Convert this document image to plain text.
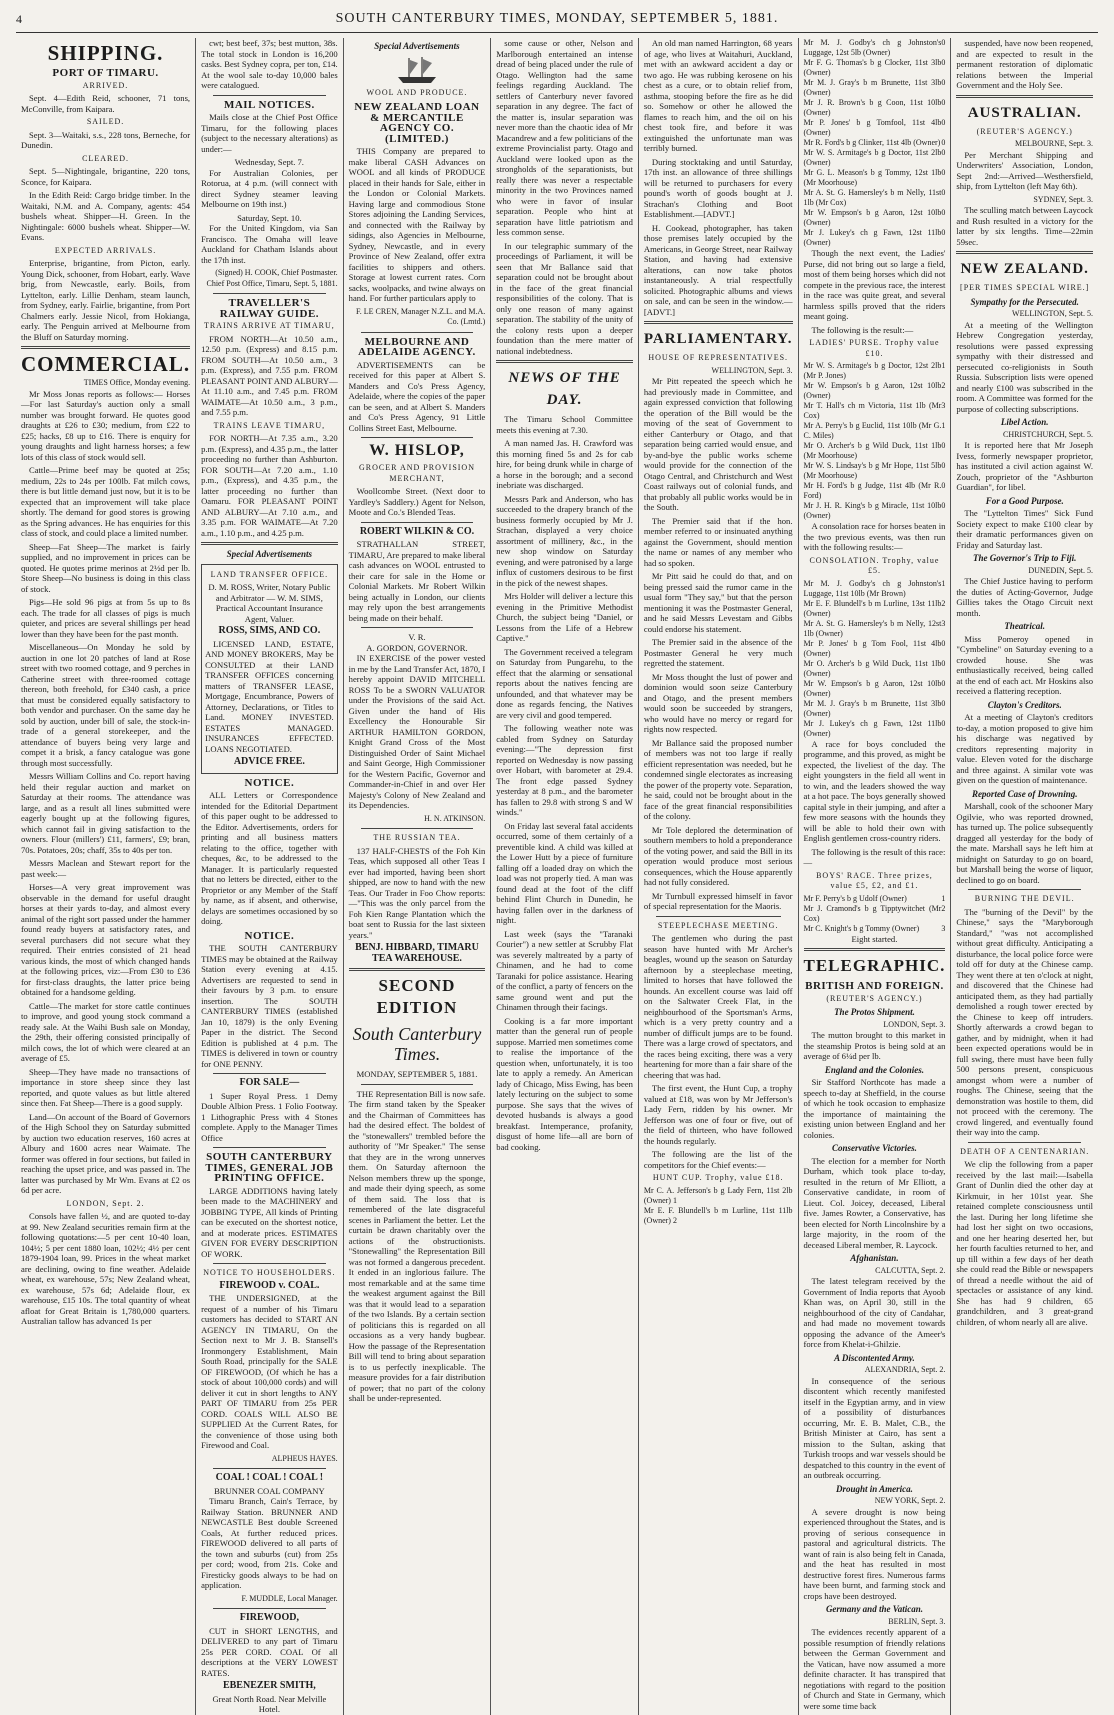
4	SOUTH CANTERBURY TIMES, MONDAY, SEPTEMBER 5, 1881.
SHIPPING.
PORT OF TIMARU.
ARRIVED.

Sept. 4—Edith Reid, schooner, 71 tons, McConville, from Kaipara.

SAILED.

Sept. 3—Waitaki, s.s., 228 tons, Berneche, for Dunedin.

CLEARED.

Sept. 5—Nightingale, brigantine, 220 tons, Sconce, for Kaipara.

In the Edith Reid: Cargo bridge timber. In the Waitaki, N.M. and A. Company, agents: 454 bushels wheat. Shipper—H. Green. In the Nightingale: 6000 bushels wheat. Shipper—W. Evans.

EXPECTED ARRIVALS.

Enterprise, brigantine, from Picton, early. Young Dick, schooner, from Hobart, early. Wave brig, from Newcastle, early. Boils, from Lyttelton, early. Lillie Denham, steam launch, from Sydney, early. Fairlie, brigantine, from Port Chalmers early. Jessie Nicol, from Hokianga, early. The Penguin arrived at Melbourne from the Bluff on Saturday morning.

COMMERCIAL.
TIMES Office, Monday evening.

Mr Moss Jonas reports as follows:— Horses—For last Saturday's auction only a small number was brought forward. He quotes good draughts at £26 to £30; medium, from £22 to £25; hacks, £8 up to £16. There is enquiry for young draughts and light harness horses; a few lots of this class of stock would sell.

Cattle—Prime beef may be quoted at 25s; medium, 22s to 24s per 100lb. Fat milch cows, there is but little demand just now, but it is to be expected that an improvement will take place shortly. The demand for good stores is growing as the Spring advances. He has enquiries for this class of stock, and could place a limited number.

Sheep—Fat Sheep—The market is fairly supplied, and no improvement in prices can be quoted. He quotes prime merinos at 2½d per lb. Store Sheep—No business is doing in this class of stock.

Pigs—He sold 96 pigs at from 5s up to 8s each. The trade for all classes of pigs is much quieter, and prices are several shillings per head lower than they have been for the past month.

Miscellaneous—On Monday he sold by auction in one lot 20 patches of land at Rose street with two roomed cottage, and 9 perches in Catherine street with three-roomed cottage thereon, both freehold, for £340 cash, a price that must be considered equally satisfactory to both vendor and purchaser. On the same day he sold by auction, under bill of sale, the stock-in-trade of a general storekeeper, and the attendance of buyers being very large and compet it a brisk, a fancy catalogue was gone through most successfully.

Messrs William Collins and Co. report having held their regular auction and market on Saturday at their rooms. The attendance was large, and as a result all lines submitted were eagerly bought up at the following figures, which cannot fail in giving satisfaction to the owners. Flour (millers') £11, farmers', £9; bran, 70s. Potatoes, 20s; chaff, 35s to 40s per ton.

Messrs Maclean and Stewart report for the past week:—

Horses—A very great improvement was observable in the demand for useful draught horses at their yards to-day, and almost every animal of the right sort passed under the hammer found ready buyers at satisfactory rates, and several purchasers did not secure what they required. Their entries consisted of 21 head various kinds, the most of which changed hands at the following prices, viz:—From £30 to £36 for first-class draughts, the latter price being obtained for a handsome gelding.

Cattle—The market for store cattle continues to improve, and good young stock command a ready sale. At the Waihi Bush sale on Monday, the 29th, their offering consisted principally of milch cows, the lot of which were cleared at an average of £5.

Sheep—They have made no transactions of importance in store sheep since they last reported, and quote values as but little altered since then. Fat Sheep—There is a good supply.

Land—On account of the Board of Governors of the High School they on Saturday submitted by auction two education reserves, 160 acres at Albury and 1600 acres near Waimate. The former was offered in four sections, but failed in reaching the upset price, and was passed in. The latter was purchased by Mr Wm. Evans at £2 os 6d per acre.

LONDON, Sept. 2.

Consols have fallen ½, and are quoted to-day at 99. New Zealand securities remain firm at the following quotations:—5 per cent 10-40 loan, 104½; 5 per cent 1880 loan, 102½; 4½ per cent 1879-1904 loan, 99. Prices in the wheat market are declining, owing to fine weather. Adelaide wheat, ex warehouse, 57s; New Zealand wheat, ex warehouse, 57s 6d; Adelaide flour, ex warehouse, £15 10s. The total quantity of wheat afloat for Great Britain is 1,780,000 quarters. Australian tallow has advanced 1s per

cwt; best beef, 37s; best mutton, 38s. The total stock in London is 16,200 casks. Best Sydney copra, per ton, £14. At the wool sale to-day 10,000 bales were catalogued.

MAIL NOTICES.

Mails close at the Chief Post Office Timaru, for the following places (subject to the necessary alterations) as under:—

Wednesday, Sept. 7.

For Australian Colonies, per Rotorua, at 4 p.m. (will connect with direct Sydney steamer leaving Melbourne on 19th inst.)

Saturday, Sept. 10.

For the United Kingdom, via San Francisco. The Omaha will leave Auckland for Chatham Islands about the 17th inst.

(Signed) H. COOK, Chief Postmaster. Chief Post Office, Timaru, Sept. 5, 1881.
TRAVELLER'S RAILWAY GUIDE.
TRAINS ARRIVE AT TIMARU,

FROM NORTH—At 10.50 a.m., 12.50 p.m. (Express) and 8.15 p.m. FROM SOUTH—At 10.50 a.m., 3 p.m. (Express), and 7.55 p.m. FROM PLEASANT POINT AND ALBURY—At 11.10 a.m., and 7.45 p.m. FROM WAIMATE—At 10.50 a.m., 3 p.m., and 7.55 p.m.

TRAINS LEAVE TIMARU,

FOR NORTH—At 7.35 a.m., 3.20 p.m. (Express), and 4.35 p.m., the latter proceeding no further than Ashburton. FOR SOUTH—At 7.20 a.m., 1.10 p.m., (Express), and 4.35 p.m., the latter proceeding no further than Oamaru. FOR PLEASANT POINT AND ALBURY—At 7.10 a.m., and 3.35 p.m. FOR WAIMATE—At 7.20 a.m., 1.10 p.m., and 4.25 p.m.

Special Advertisements
LAND TRANSFER OFFICE.
D. M. ROSS, Writer, Notary Public and Arbitrator — W. M. SIMS, Practical Accountant Insurance Agent, Valuer.
ROSS, SIMS, AND CO.

LICENSED LAND, ESTATE, AND MONEY BROKERS, May be CONSULTED at their LAND TRANSFER OFFICES concerning matters of TRANSFER LEASE, Mortgage, Encumbrance, Powers of Attorney, Declarations, or Titles to Land. MONEY INVESTED. ESTATES MANAGED. INSURANCES EFFECTED. LOANS NEGOTIATED.

ADVICE FREE.
NOTICE.

ALL Letters or Correspondence intended for the Editorial Department of this paper ought to be addressed to the Editor. Advertisements, orders for printing and all business matters relating to the office, together with cheques, &c, to be addressed to the Manager. It is particularly requested that no letters be directed, either to the Proprietor or any Member of the Staff by name, as if absent, and otherwise, delays are sometimes occasioned by so doing.

NOTICE.

THE SOUTH CANTERBURY TIMES may be obtained at the Railway Station every evening at 4.15. Advertisers are requested to send in their favours by 3 p.m. to ensure insertion. The SOUTH CANTERBURY TIMES (established Jan 10, 1879) is the only Evening Paper in the district. The Second Edition is published at 4 p.m. The TIMES is delivered in town or country for ONE PENNY.

FOR SALE—

1 Super Royal Press. 1 Demy Double Albion Press. 1 Folio Footway. 1 Lithographic Press with 4 Stones complete. Apply to the Manager Times Office

SOUTH CANTERBURY TIMES, GENERAL JOB PRINTING OFFICE.

LARGE ADDITIONS having lately been made to the MACHINERY and JOBBING TYPE, All kinds of Printing can be executed on the shortest notice, and at moderate prices. ESTIMATES GIVEN FOR EVERY DESCRIPTION OF WORK.

NOTICE TO HOUSEHOLDERS.
FIREWOOD v. COAL.

THE UNDERSIGNED, at the request of a number of his Timaru customers has decided to START AN AGENCY IN TIMARU, On the Section next to Mr J. B. Stansell's Ironmongery Establishment, Main South Road, principally for the SALE OF FIREWOOD, (Of which he has a stock of about 100,000 cords) and will deliver it cut in short lengths to ANY PART OF TIMARU from 25s PER CORD. COALS WILL ALSO BE SUPPLIED At the Current Rates, for the convenience of those using both Firewood and Coal.

ALPHEUS HAYES.
COAL ! COAL ! COAL !
BRUNNER COAL COMPANY

Timaru Branch, Cain's Terrace, by Railway Station. BRUNNER AND NEWCASTLE Best double Screened Coals, At further reduced prices. FIREWOOD delivered to all parts of the town and suburbs (cut) from 25s per cord; wood, from 21s. Coke and Firesticky goods always to be had on application.

F. MUDDLE, Local Manager.
FIREWOOD,

CUT in SHORT LENGTHS, and DELIVERED to any part of Timaru 25s PER CORD. COAL Of all descriptions at the VERY LOWEST RATES.

EBENEZER SMITH,
Great North Road. Near Melville Hotel.
Special Advertisements
WOOL AND PRODUCE.
NEW ZEALAND LOAN & MERCANTILE AGENCY CO. (LIMITED.)

THIS Company are prepared to make liberal CASH Advances on WOOL and all kinds of PRODUCE placed in their hands for Sale, either in the London or Colonial Markets. Having large and commodious Stone Stores adjoining the Landing Services, and connected with the Railway by sidings, also Agencies in Melbourne, Sydney, Newcastle, and in every Province of New Zealand, offer extra facilities to shippers and others. Storage at lowest current rates. Corn sacks, woolpacks, and twine always on hand. For further particulars apply to

F. LE CREN, Manager N.Z.L. and M.A. Co. (Lmtd.)
MELBOURNE AND ADELAIDE AGENCY.

ADVERTISEMENTS can be received for this paper at Albert S. Manders and Co's Press Agency, Adelaide, where the copies of the paper can be seen, and at Albert S. Manders and Co's Press Agency, 91 Little Collins Street East, Melbourne.

W. HISLOP,
GROCER AND PROVISION MERCHANT,

Woollcombe Street. (Next door to Yardley's Saddlery.) Agent for Nelson, Moote and Co.'s Blended Teas.

ROBERT WILKIN & CO.

STRATHALLAN STREET, TIMARU, Are prepared to make liberal cash advances on WOOL entrusted to their care for sale in the Home or Colonial Markets. Mr Robert Wilkin being actually in London, our clients may rely upon the best arrangements being made on their behalf.

V. R.
A. GORDON, GOVERNOR.

IN EXERCISE of the power vested in me by the Land Transfer Act, 1870, I hereby appoint DAVID MITCHELL ROSS To be a SWORN VALUATOR under the Provisions of the said Act. Given under the hand of His Excellency the Honourable Sir ARTHUR HAMILTON GORDON, Knight Grand Cross of the Most Distinguished Order of Saint Michael and Saint George, High Commissioner for the Western Pacific, Governor and Commander-in-Chief in and over Her Majesty's Colony of New Zealand and its Dependencies.

H. N. ATKINSON.
THE RUSSIAN TEA.

137 HALF-CHESTS of the Foh Kin Teas, which supposed all other Teas I ever had imported, having been short shipped, are now to hand with the new Teas. Our Trader in Foo Chow reports:—"This was the only parcel from the Foh Kien Range Plantation which the boat sent to Russia for the last sixteen years."

BENJ. HIBBARD, TIMARU TEA WAREHOUSE.
SECOND EDITION
South Canterbury Times.
MONDAY, SEPTEMBER 5, 1881.

THE Representation Bill is now safe. The firm stand taken by the Speaker and the Chairman of Committees has had the desired effect. The boldest of the "stonewallers" trembled before the authority of "Mr Speaker." The sense that they are in the wrong unnerves them. On Saturday afternoon the Nelson members threw up the sponge, and made their dying speech, as some of them said. The loss that is remembered of the late disgraceful scenes in Parliament the better. Let the curtain be drawn charitably over the actions of the obstructionists. "Stonewalling" the Representation Bill was not formed a dangerous precedent. It ended in an inglorious failure. The most remarkable and at the same time the weakest argument against the Bill was that it would lead to a separation of the two Islands. By a certain section of politicians this is regarded on all occasions as a very handy bugbear. How the passage of the Representation Bill will tend to bring about separation is to us perfectly inexplicable. The measure provides for a fair distribution of power; that no part of the colony shall be under-represented.

some cause or other, Nelson and Marlborough entertained an intense dread of being placed under the rule of Otago. Wellington had the same feelings regarding Auckland. The settlers of Canterbury never favored separation in any degree. The fact of the matter is, insular separation was never more than the chaotic idea of Mr Macandrew and a few politicians of the extreme Provincialist party. Otago and Auckland were looked upon as the strongholds of the separationists, but really there was never a respectable minority in the two Provinces named who were in favor of insular separation. People who hint at separation have little patriotism and less common sense.

In our telegraphic summary of the proceedings of Parliament, it will be seen that Mr Ballance said that separation could not be brought about in the face of the great financial responsibilities of the colony. That is only one reason of many against separation. The stability of the unity of the colony rests upon a deeper foundation than the mere matter of national indebtedness.

NEWS OF THE DAY.

The Timaru School Committee meets this evening at 7.30.

A man named Jas. H. Crawford was this morning fined 5s and 2s for cab hire, for being drunk while in charge of a horse in the borough; and a second inebriate was discharged.

Messrs Park and Anderson, who has succeeded to the drapery branch of the business formerly occupied by Mr J. Strachan, displayed a very choice assortment of millinery, &c., in the new shop window on Saturday evening, and were patronised by a large influx of customers desirous to be first in the pick of the newest shapes.

Mrs Holder will deliver a lecture this evening in the Primitive Methodist Church, the subject being "Daniel, or Lessons from the Life of a Hebrew Captive."

The Government received a telegram on Saturday from Pungarehu, to the effect that the alarming or sensational reports about the natives fencing are unfounded, and that whatever may be done as regards fencing, the Natives are very civil and good tempered.

The following weather note was cabled from Sydney on Saturday evening:—"The depression first reported on Wednesday is now passing over Hobart, with barometer at 29.4. The front edge passed Sydney yesterday at 8 p.m., and the barometer has fallen to 29.8 with strong S and W winds."

On Friday last several fatal accidents occurred, some of them certainly of a preventible kind. A child was killed at the Lower Hutt by a piece of furniture falling off a loaded dray on which the load was not properly tied. A man was found dead at the foot of the cliff behind Flint Church in Dunedin, he having fallen over in the darkness of night.

Last week (says the "Taranaki Courier") a new settler at Scrubby Flat was severely maltreated by a party of Chinamen, and he had to come Taranaki for police assistance. Hearing of the conflict, a party of fencers on the same ground went and put the Chinamen through their facings.

Cooking is a far more important matter than the general run of people suppose. Married men sometimes come to realise the importance of the question when, unfortunately, it is too late to apply a remedy. An American lady of Chicago, Miss Ewing, has been lately lecturing on the subject to some purpose. She says that the wives of devoted husbands is always a good breakfast. Intemperance, profanity, disgust of home life—all are born of bad cooking.

An old man named Harrington, 68 years of age, who lives at Waitahuri, Auckland, met with an awkward accident a day or two ago. He was rubbing kerosene on his chest as a cure, or to obtain relief from, asthma, stooping before the fire as he did so. Somehow or other he allowed the flames to reach him, and the oil on his chest took fire, and before it was extinguished the unfortunate man was terribly burned.

During stocktaking and until Saturday, 17th inst. an allowance of three shillings will be returned to purchasers for every pound's worth of goods bought at J. Strachan's Clothing and Boot Establishment.—[ADVT.]

H. Cookead, photographer, has taken those premises lately occupied by the Americans, in George Street, near Railway Station, and having had extensive alterations, can now take photos instantaneously. A trial respectfully solicited. Photographic albums and views on sale, and can be seen in the window.—[ADVT.]

PARLIAMENTARY.
HOUSE OF REPRESENTATIVES.
WELLINGTON, Sept. 3.

Mr Pitt repeated the speech which he had previously made in Committee, and again expressed conviction that following the operation of the Bill would be the moving of the seat of Government to either Canterbury or Otago, and that separation being carried would ensue, and by-and-bye the public works scheme would provide for the connection of the Otago Central, and Christchurch and West Coast railways out of colonial funds, and that probably all public works would be in the South.

The Premier said that if the hon. member referred to or insinuated anything against the Government, should mention the name or names of any member who had so spoken.

Mr Pitt said he could do that, and on being pressed said the rumor came in the usual form "They say," but that the person mentioning it was the Postmaster General, and he said Messrs Levestam and Gibbs could endorse his statement.

The Premier said in the absence of the Postmaster General he very much regretted the statement.

Mr Moss thought the lust of power and dominion would soon seize Canterbury and Otago, and the present members would soon be succeeded by strangers, who would have no mercy or regard for rights now respected.

Mr Ballance said the proposed number of members was not too large if really efficient representation was needed, but he condemned single electorates as increasing the power of the property vote. Separation, he said, could not be brought about in the face of the great financial responsibilities of the colony.

Mr Tole deplored the determination of southern members to hold a preponderance of the voting power, and said the Bill in its operation would produce most serious consequences, which the House apparently had not fully considered.

Mr Turnbull expressed himself in favor of special representation for the Maoris.

STEEPLECHASE MEETING.

The gentlemen who during the past season have hunted with Mr Archer's beagles, wound up the season on Saturday afternoon by a steeplechase meeting, limited to horses that have followed the hounds. An excellent course was laid off on the Saltwater Creek Flat, in the neighbourhood of the Sportsman's Arms, which is a very pretty country and a number of difficult jumps are to be found. There was a large crowd of spectators, and the races being exciting, there was a very heartening for more than a fair share of the cheering that was had.

The first event, the Hunt Cup, a trophy valued at £18, was won by Mr Jefferson's Lady Fern, ridden by his owner. Mr Jefferson was one of four or five, out of the field of thirteen, who have followed the hounds regularly.

The following are the list of the competitors for the Chief events:—

HUNT CUP. Trophy, value £18.
Mr C. A. Jefferson's b g Lady Fern, 11st 2lb (Owner) 1
Mr E. F. Blundell's b m Lurline, 11st 11lb (Owner) 2
Mr M. J. Godby's ch g Johnston's Luggage, 12st 5lb (Owner)
0
Mr F. G. Thomas's b g Clocker, 11st 3lb (Owner)
0
Mr M. J. Gray's b m Brunette, 11st 3lb (Owner)
0
Mr J. R. Brown's b g Coon, 11st 10lb (Owner)
0
Mr P. Jones' b g Tomfool, 11st 4lb (Owner)
0
Mr R. Ford's b g Clinker, 11st 4lb (Owner) 0
Mr W. S. Armitage's b g Doctor, 11st 2lb (Owner)
0
Mr G. L. Meason's b g Tommy, 12st 1lb (Mr Moorhouse)
0
Mr A. St. G. Hamersley's b m Nelly, 11st 1lb (Mr Cox)
0
Mr W. Empson's b g Aaron, 12st 10lb (Owner)
0
Mr J. Lukey's ch g Fawn, 12st 11lb (Owner)
0

Though the next event, the Ladies' Purse, did not bring out so large a field, most of them being horses which did not compete in the previous race, the interest in the race was quite great, and several harmless spills proved that the riders meant going.

The following is the result:—

LADIES' PURSE. Trophy value £10.
Mr W. S. Armitage's b g Doctor, 12st 2lb (Mr P. Jones)
1
Mr W. Empson's b g Aaron, 12st 10lb (Owner)
2
Mr T. Hall's ch m Victoria, 11st 1lb (Mr Cox)
3
Mr A. Perry's b g Euclid, 11st 10lb (Mr G. C. Miles)
1
Mr O. Archer's b g Wild Duck, 11st 1lb (Mr Moorhouse)
0
Mr W. S. Lindsay's b g Mr Hope, 11st 5lb (Mr Moorhouse)
0
Mr H. Ford's b g Judge, 11st 4lb (Mr R. Ford)
0
Mr J. H. R. King's b g Miracle, 11st 10lb (Owner)
0

A consolation race for horses beaten in the two previous events, was then run with the following results:—

CONSOLATION. Trophy, value £5.
Mr M. J. Godby's ch g Johnston's Luggage, 11st 10lb (Mr Brown)
1
Mr E. F. Blundell's b m Lurline, 13st 11lb (Owner)
2
Mr A. St. G. Hamersley's b m Nelly, 12st 1lb (Owner)
3
Mr P. Jones' b g Tom Fool, 11st 4lb (Owner)
0
Mr O. Archer's b g Wild Duck, 11st 1lb (Owner)
0
Mr W. Empson's b g Aaron, 12st 10lb (Owner)
0
Mr M. J. Gray's b m Brunette, 11st 3lb (Owner)
0
Mr J. Lukey's ch g Fawn, 12st 11lb (Owner)
0

A race for boys concluded the programme, and this proved, as might be expected, the liveliest of the day. The eight youngsters in the field all went in to win, and the leaders showed the way at a hot pace. The boys generally showed capital style in their jumping, and after a few more seasons with the hounds they will be able to hold their own with English gentlemen cross-country riders.

The following is the result of this race:—

BOYS' RACE. Three prizes, value £5, £2, and £1.
Mr F. Perry's b g Udolf (Owner)	1
Mr J. Cramond's b g Tipptywitchet (Mr Cox)
2
Mr C. Knight's b g Tommy (Owner)	3
Eight started.
TELEGRAPHIC.
BRITISH AND FOREIGN.
(REUTER'S AGENCY.)
The Protos Shipment.
LONDON, Sept. 3.

The mutton brought to this market in the steamship Protos is being sold at an average of 6¼d per lb.

England and the Colonies.

Sir Stafford Northcote has made a speech to-day at Sheffield, in the course of which he took occasion to emphasize the importance of maintaining the existing union between England and her colonies.

Conservative Victories.

The election for a member for North Durham, which took place to-day, resulted in the return of Mr Elliott, a Conservative candidate, in room of Lieut. Col. Joicey, deceased, Liberal five. James Rowter, a Conservative, has been elected for North Lincolnshire by a large majority, in the room of the deceased Liberal member, R. Laycock.

Afghanistan.
CALCUTTA, Sept. 2.

The latest telegram received by the Government of India reports that Ayoob Khan was, on April 30, still in the neighbourhood of the city of Candahar, and had made no movement towards opposing the advance of the Ameer's force from Khelat-i-Ghilzie.

A Discontented Army.
ALEXANDRIA, Sept. 2.

In consequence of the serious discontent which recently manifested itself in the Egyptian army, and in view of a possibility of disturbances occurring, Mr. E. B. Malet, C.B., the British Minister at Cairo, has sent a mission to the Sultan, asking that Turkish troops and war vessels should be despatched to this country in the event of an outbreak occurring.

Drought in America.
NEW YORK, Sept. 2.

A severe drought is now being experienced throughout the States, and is proving of serious consequence in pastoral and agricultural districts. The want of rain is also being felt in Canada, and the heat has resulted in most destructive forest fires. Numerous farms have been burnt, and farming stock and crops have been destroyed.

Germany and the Vatican.
BERLIN, Sept. 3.

The evidences recently apparent of a possible resumption of friendly relations between the German Government and the Vatican, have now assumed a more definite character. It has transpired that negotiations with regard to the position of Church and State in Germany, which were some time back

suspended, have now been reopened, and are expected to result in the permanent restoration of diplomatic relations between the Imperial Government and the Holy See.

AUSTRALIAN.
(REUTER'S AGENCY.)
MELBOURNE, Sept. 3.

Per Merchant Shipping and Underwriters' Association, London, Sept 2nd:—Arrived—Westhersfield, ship, from Lyttelton (left May 6th).

SYDNEY, Sept. 3.

The sculling match between Laycock and Rush resulted in a victory for the latter by six lengths. Time—22min 59sec.

NEW ZEALAND.
[PER TIMES SPECIAL WIRE.]
Sympathy for the Persecuted.
WELLINGTON, Sept. 5.

At a meeting of the Wellington Hebrew Congregation yesterday, resolutions were passed expressing sympathy with their distressed and persecuted co-religionists in South Russia. Subscription lists were opened and nearly £100 was subscribed in the room. A Committee was formed for the purpose of collecting subscriptions.

Libel Action.
CHRISTCHURCH, Sept. 5.

It is reported here that Mr Joseph Ivess, formerly newspaper proprietor, has instituted a civil action against W. Zouch, proprietor of the "Ashburton Guardian", for libel.

For a Good Purpose.

The "Lyttelton Times" Sick Fund Society expect to make £100 clear by their dramatic performances given on Friday and Saturday last.

The Governor's Trip to Fiji.
DUNEDIN, Sept. 5.

The Chief Justice having to perform the duties of Acting-Governor, Judge Gillies takes the Otago Circuit next month.

Theatrical.

Miss Pomeroy opened in "Cymbeline" on Saturday evening to a crowded house. She was enthusiastically received, being called at the end of each act. Mr Hoskins also received a flattering reception.

Clayton's Creditors.

At a meeting of Clayton's creditors to-day, a motion proposed to give him his discharge was negatived by creditors representing majority in value. Eleven voted for the discharge and three against. A similar vote was given on the question of maintenance.

Reported Case of Drowning.

Marshall, cook of the schooner Mary Ogilvie, who was reported drowned, has turned up. The police subsequently dragged all yesterday for the body of the mate. Marshall says he left him at midnight on Saturday to go on board, but Marshall being the worse of liquor, declined to go on board.

BURNING THE DEVIL.

The "burning of the Devil" by the Chinese," says the "Maryborough Standard," "was not accomplished without great difficulty. Anticipating a disturbance, the local police force were told off for duty at the Chinese camp. They went there at ten o'clock at night, and discovered that the Chinese had anticipated them, as they had partially demolished a rough tower erected by the Chinese to keep off intruders. Shortly afterwards a crowd began to gather, and by midnight, when it had been expected operations would be in full swing, there must have been fully 500 persons present, conspicuous amongst whom were a number of roughs. The Chinese, seeing that the demonstration was hostile to them, did not proceed with the ceremony. The crowd lingered, and eventually found their way into the camp.

DEATH OF A CENTENARIAN.

We clip the following from a paper received by the last mail:—Isabella Grant of Dunlin died the other day at Kirkmuir, in her 101st year. She retained complete consciousness until the last. During her long lifetime she had lost her sight on two occasions, and one her hearing deserted her, but her fourth faculties returned to her, and up till within a few days of her death she could read the Bible or newspapers of thread a needle without the aid of spectacles or assistance of any kind. She has had 9 children, 65 grandchildren, and 3 great-grand children, of whom nearly all are alive.
